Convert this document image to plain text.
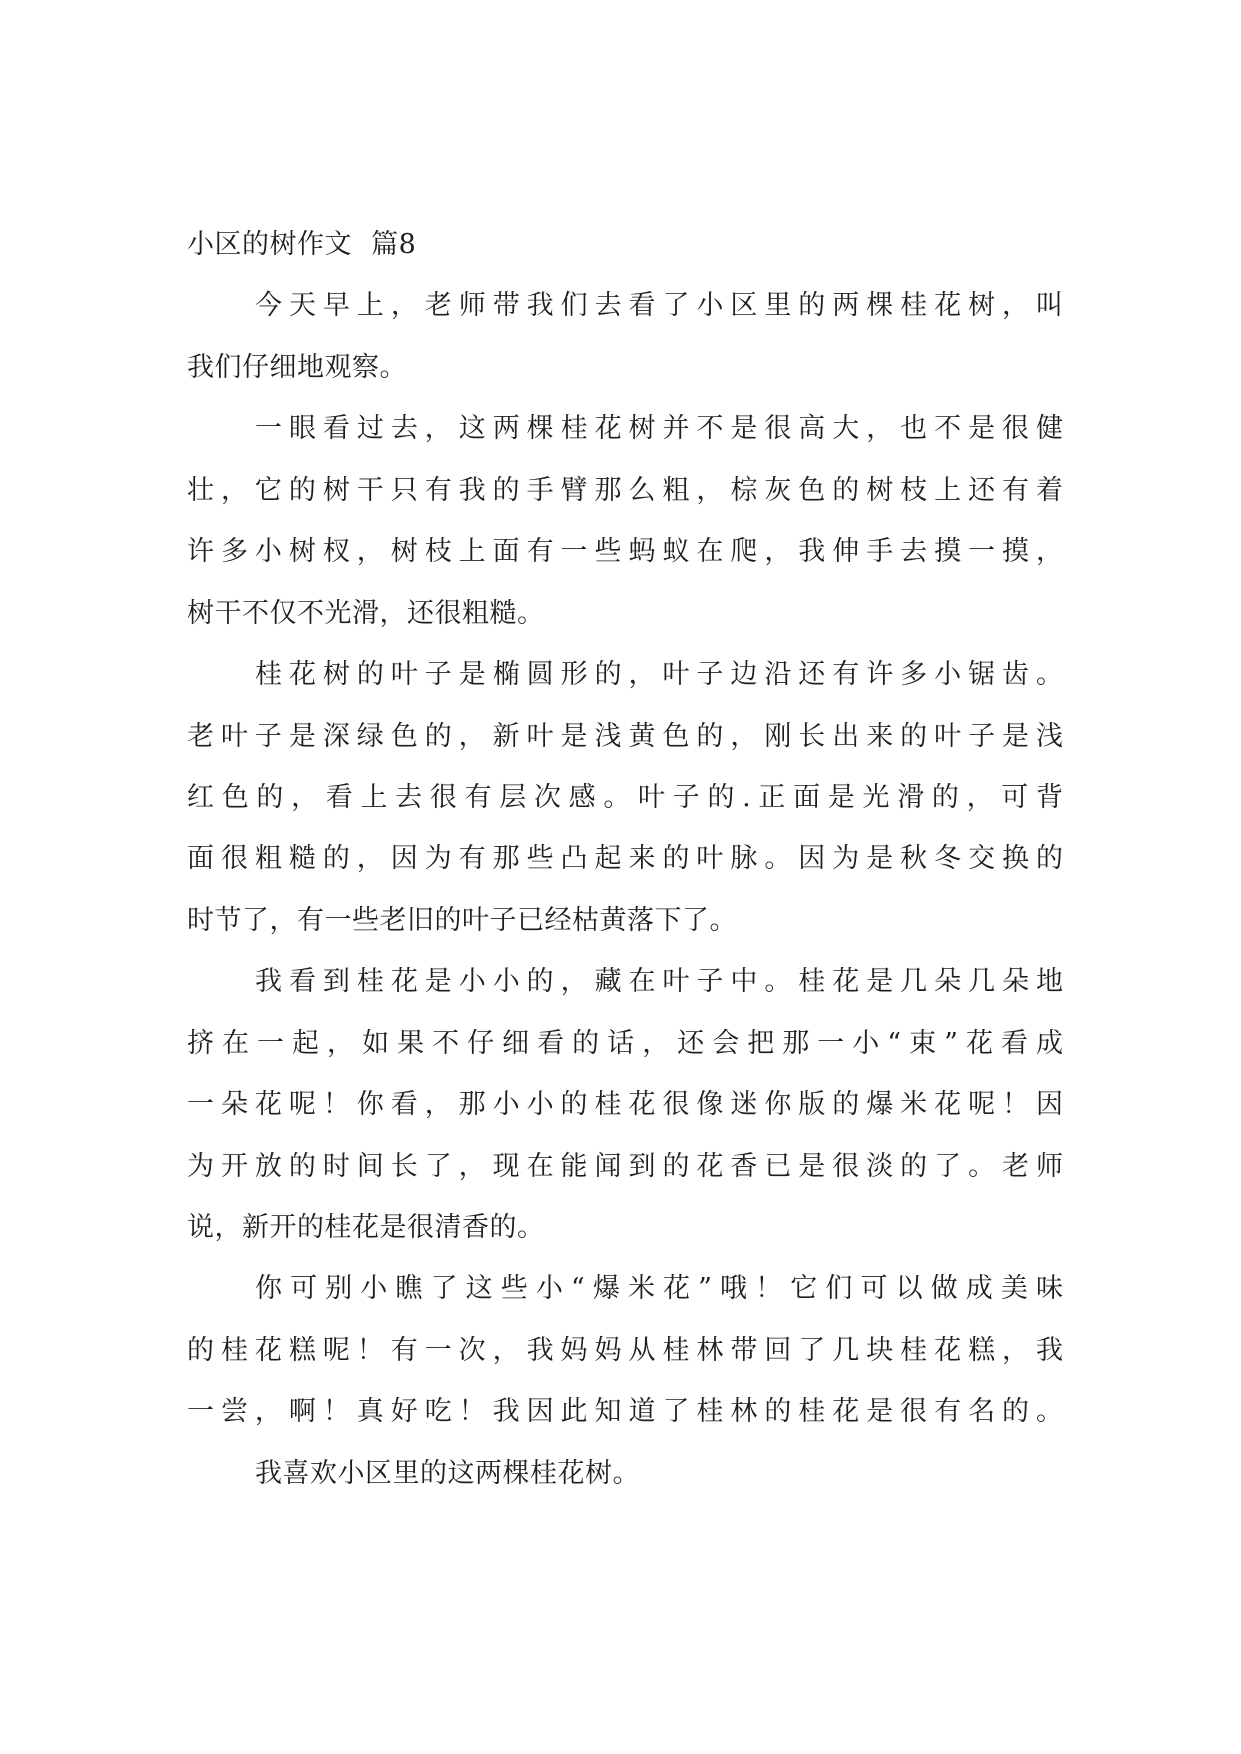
小区的树作文 篇8
今天早上，老师带我们去看了小区里的两棵桂花树，叫
我们仔细地观察。
一眼看过去，这两棵桂花树并不是很高大，也不是很健
壮，它的树干只有我的手臂那么粗，棕灰色的树枝上还有着
许多小树杈，树枝上面有一些蚂蚁在爬，我伸手去摸一摸，
树干不仅不光滑，还很粗糙。
桂花树的叶子是椭圆形的，叶子边沿还有许多小锯齿。
老叶子是深绿色的，新叶是浅黄色的，刚长出来的叶子是浅
红色的，看上去很有层次感。叶子的.正面是光滑的，可背
面很粗糙的，因为有那些凸起来的叶脉。因为是秋冬交换的
时节了，有一些老旧的叶子已经枯黄落下了。
我看到桂花是小小的，藏在叶子中。桂花是几朵几朵地
挤在一起，如果不仔细看的话，还会把那一小“束”花看成
一朵花呢！你看，那小小的桂花很像迷你版的爆米花呢！因
为开放的时间长了，现在能闻到的花香已是很淡的了。老师
说，新开的桂花是很清香的。
你可别小瞧了这些小“爆米花”哦！它们可以做成美味
的桂花糕呢！有一次，我妈妈从桂林带回了几块桂花糕，我
一尝，啊！真好吃！我因此知道了桂林的桂花是很有名的。
我喜欢小区里的这两棵桂花树。
